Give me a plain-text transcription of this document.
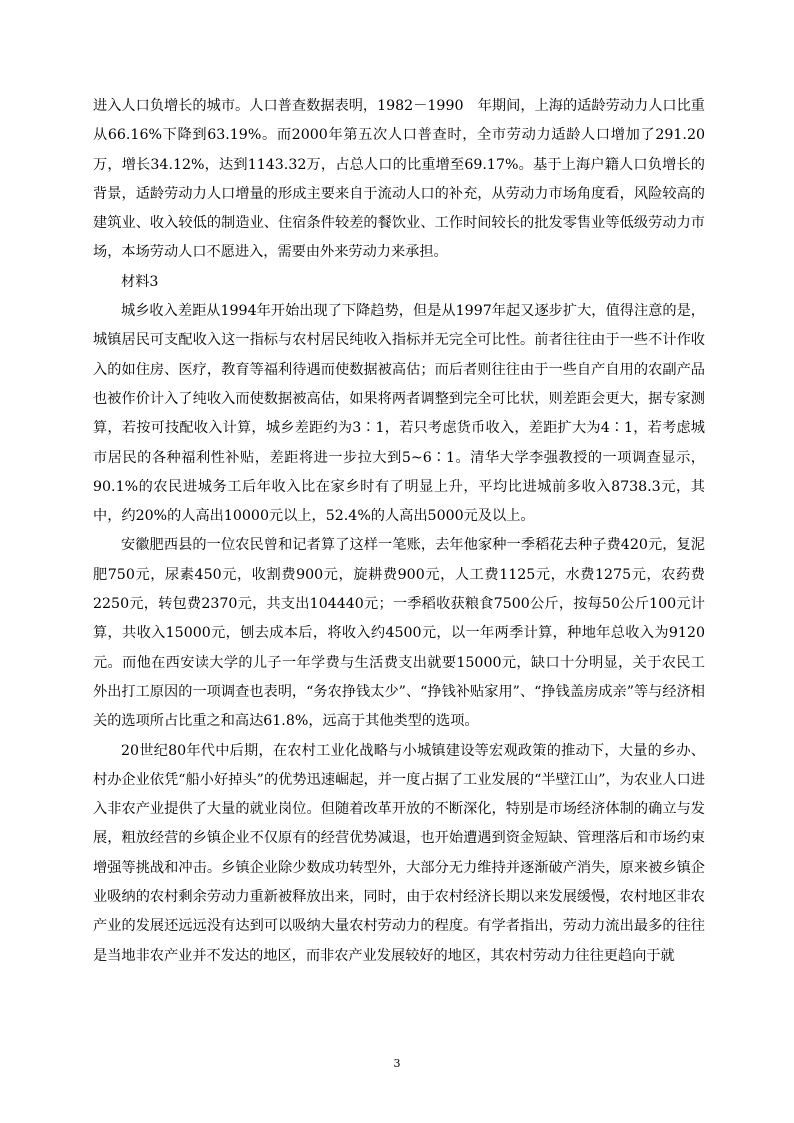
进入人口负增长的城市。人口普查数据表明，1982－1990　年期间，上海的适龄劳动力人口比重从66.16%下降到63.19%。而2000年第五次人口普查时，全市劳动力适龄人口增加了291.20万，增长34.12%，达到1143.32万，占总人口的比重增至69.17%。基于上海户籍人口负增长的背景，适龄劳动力人口增量的形成主要来自于流动人口的补充，从劳动力市场角度看，风险较高的建筑业、收入较低的制造业、住宿条件较差的餐饮业、工作时间较长的批发零售业等低级劳动力市场，本场劳动人口不愿进入，需要由外来劳动力来承担。

材料3

城乡收入差距从1994年开始出现了下降趋势，但是从1997年起又逐步扩大，值得注意的是，城镇居民可支配收入这一指标与农村居民纯收入指标并无完全可比性。前者往往由于一些不计作收入的如住房、医疗，教育等福利待遇而使数据被高估；而后者则往往由于一些自产自用的农副产品也被作价计入了纯收入而使数据被高估，如果将两者调整到完全可比状，则差距会更大，据专家测算，若按可技配收入计算，城乡差距约为3∶1，若只考虑货币收入，差距扩大为4∶1，若考虑城市居民的各种福利性补贴，差距将进一步拉大到5~6∶1。清华大学李强教授的一项调查显示，90.1%的农民进城务工后年收入比在家乡时有了明显上升，平均比进城前多收入8738.3元，其中，约20%的人高出10000元以上，52.4%的人高出5000元及以上。

安徽肥西县的一位农民曾和记者算了这样一笔账，去年他家种一季稻花去种子费420元，复泥肥750元，尿素450元，收割费900元，旋耕费900元，人工费1125元，水费1275元，农药费2250元，转包费2370元，共支出104440元；一季稻收获粮食7500公斤，按每50公斤100元计算，共收入15000元，刨去成本后，将收入约4500元，以一年两季计算，种地年总收入为9120元。而他在西安读大学的儿子一年学费与生活费支出就要15000元，缺口十分明显，关于农民工外出打工原因的一项调查也表明，“务农挣钱太少”、“挣钱补贴家用”、“挣钱盖房成亲”等与经济相关的选项所占比重之和高达61.8%，远高于其他类型的选项。

20世纪80年代中后期，在农村工业化战略与小城镇建设等宏观政策的推动下，大量的乡办、村办企业依凭“船小好掉头”的优势迅速崛起，并一度占据了工业发展的“半壁江山”，为农业人口进入非农产业提供了大量的就业岗位。但随着改革开放的不断深化，特别是市场经济体制的确立与发展，粗放经营的乡镇企业不仅原有的经营优势减退，也开始遭遇到资金短缺、管理落后和市场约束增强等挑战和冲击。乡镇企业除少数成功转型外，大部分无力维持并逐渐破产消失，原来被乡镇企业吸纳的农村剩余劳动力重新被释放出来，同时，由于农村经济长期以来发展缓慢，农村地区非农产业的发展还远远没有达到可以吸纳大量农村劳动力的程度。有学者指出，劳动力流出最多的往往是当地非农产业并不发达的地区，而非农产业发展较好的地区，其农村劳动力往往更趋向于就

3
